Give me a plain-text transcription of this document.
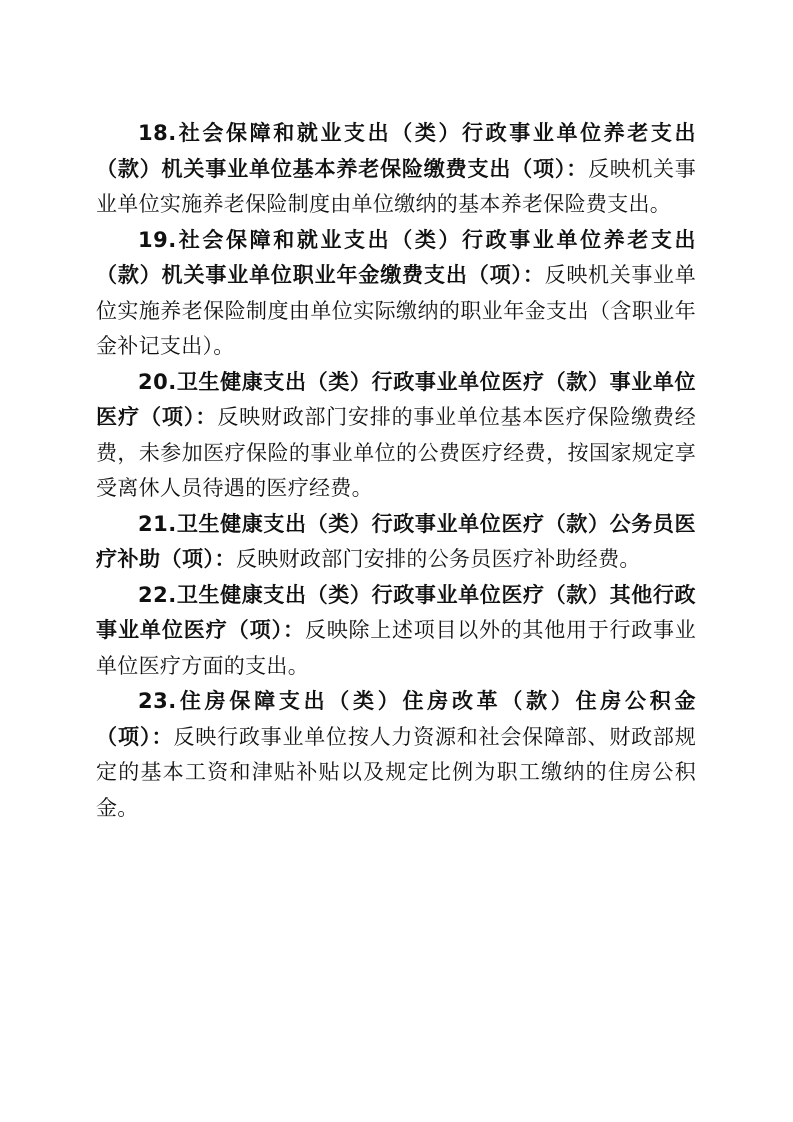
18.社会保障和就业支出（类）行政事业单位养老支出（款）机关事业单位基本养老保险缴费支出（项）：反映机关事业单位实施养老保险制度由单位缴纳的基本养老保险费支出。

19.社会保障和就业支出（类）行政事业单位养老支出（款）机关事业单位职业年金缴费支出（项）：反映机关事业单位实施养老保险制度由单位实际缴纳的职业年金支出（含职业年金补记支出）。

20.卫生健康支出（类）行政事业单位医疗（款）事业单位医疗（项）：反映财政部门安排的事业单位基本医疗保险缴费经费，未参加医疗保险的事业单位的公费医疗经费，按国家规定享受离休人员待遇的医疗经费。

21.卫生健康支出（类）行政事业单位医疗（款）公务员医疗补助（项）：反映财政部门安排的公务员医疗补助经费。

22.卫生健康支出（类）行政事业单位医疗（款）其他行政事业单位医疗（项）：反映除上述项目以外的其他用于行政事业单位医疗方面的支出。

23.住房保障支出（类）住房改革（款）住房公积金（项）：反映行政事业单位按人力资源和社会保障部、财政部规定的基本工资和津贴补贴以及规定比例为职工缴纳的住房公积金。
